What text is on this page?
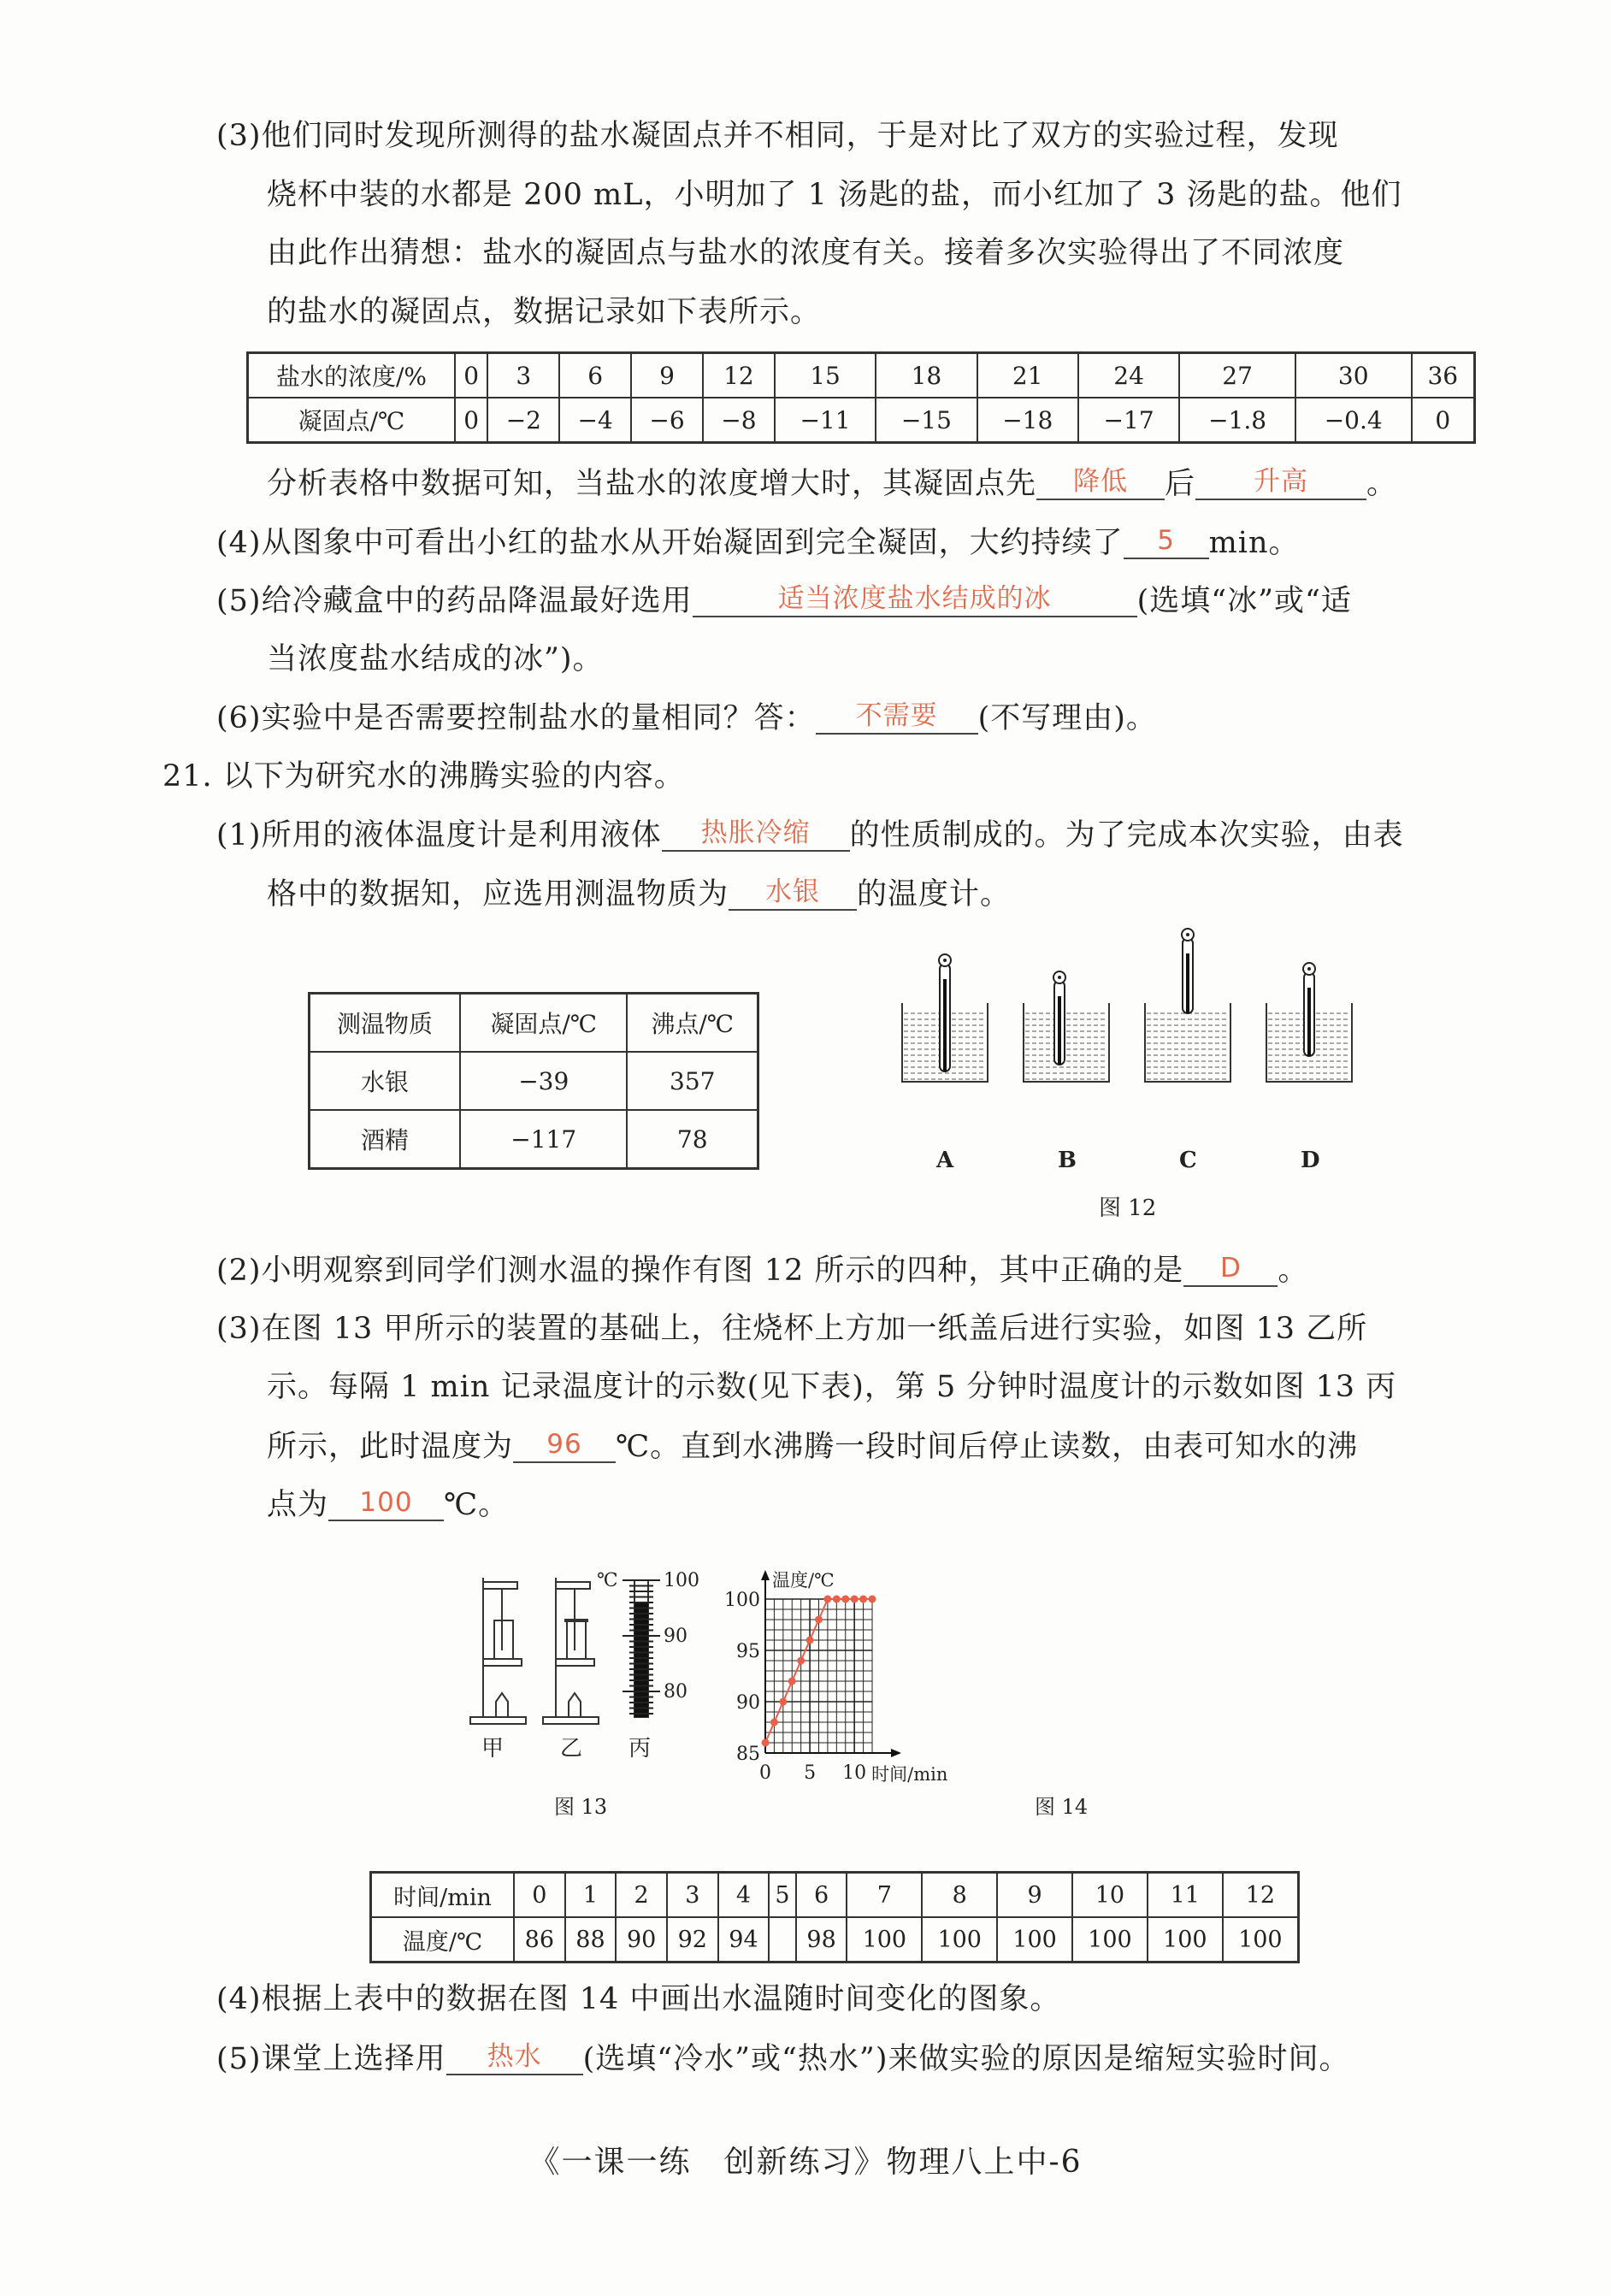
(3)他们同时发现所测得的盐水凝固点并不相同，于是对比了双方的实验过程，发现
烧杯中装的水都是 200 mL，小明加了 1 汤匙的盐，而小红加了 3 汤匙的盐。他们
由此作出猜想：盐水的凝固点与盐水的浓度有关。接着多次实验得出了不同浓度
的盐水的凝固点，数据记录如下表所示。
盐水的浓度/%	0	3	6	9	12	15	18	21	24	27	30	36
凝固点/℃	0	−2	−4	−6	−8	−11	−15	−18	−17	−1.8	−0.4	0
分析表格中数据可知，当盐水的浓度增大时，其凝固点先 降低 后 升高 。
(4)从图象中可看出小红的盐水从开始凝固到完全凝固，大约持续了 5 min。
(5)给冷藏盒中的药品降温最好选用	适当浓度盐水结成的冰	(选填“冰”或“适
当浓度盐水结成的冰”)。
(6)实验中是否需要控制盐水的量相同？答： 不需要 (不写理由)。
21. 以下为研究水的沸腾实验的内容。
(1)所用的液体温度计是利用液体 热胀冷缩 的性质制成的。为了完成本次实验，由表
格中的数据知，应选用测温物质为 水银 的温度计。
测温物质	凝固点/℃	沸点/℃
水银	−39	357
酒精	−117	78
A	B	C	D
图 12
(2)小明观察到同学们测水温的操作有图 12 所示的四种，其中正确的是 D 。
(3)在图 13 甲所示的装置的基础上，往烧杯上方加一纸盖后进行实验，如图 13 乙所
示。每隔 1 min 记录温度计的示数(见下表)，第 5 分钟时温度计的示数如图 13 丙
所示，此时温度为 96 ℃。直到水沸腾一段时间后停止读数，由表可知水的沸
点为 100 ℃。
甲	乙 丙
图 13
℃ 100
90
80
85
90
95
100
0 5 10 时间/min
温度/℃
图 14
时间/min	0	1	2	3	4	5	6	7	8	9	10	11	12
温度/℃	86	88	90	92	94		98	100	100	100	100	100	100
(4)根据上表中的数据在图 14 中画出水温随时间变化的图象。
(5)课堂上选择用 热水 (选填“冷水”或“热水”)来做实验的原因是缩短实验时间。
《一课一练　创新练习》物理八上中-6
